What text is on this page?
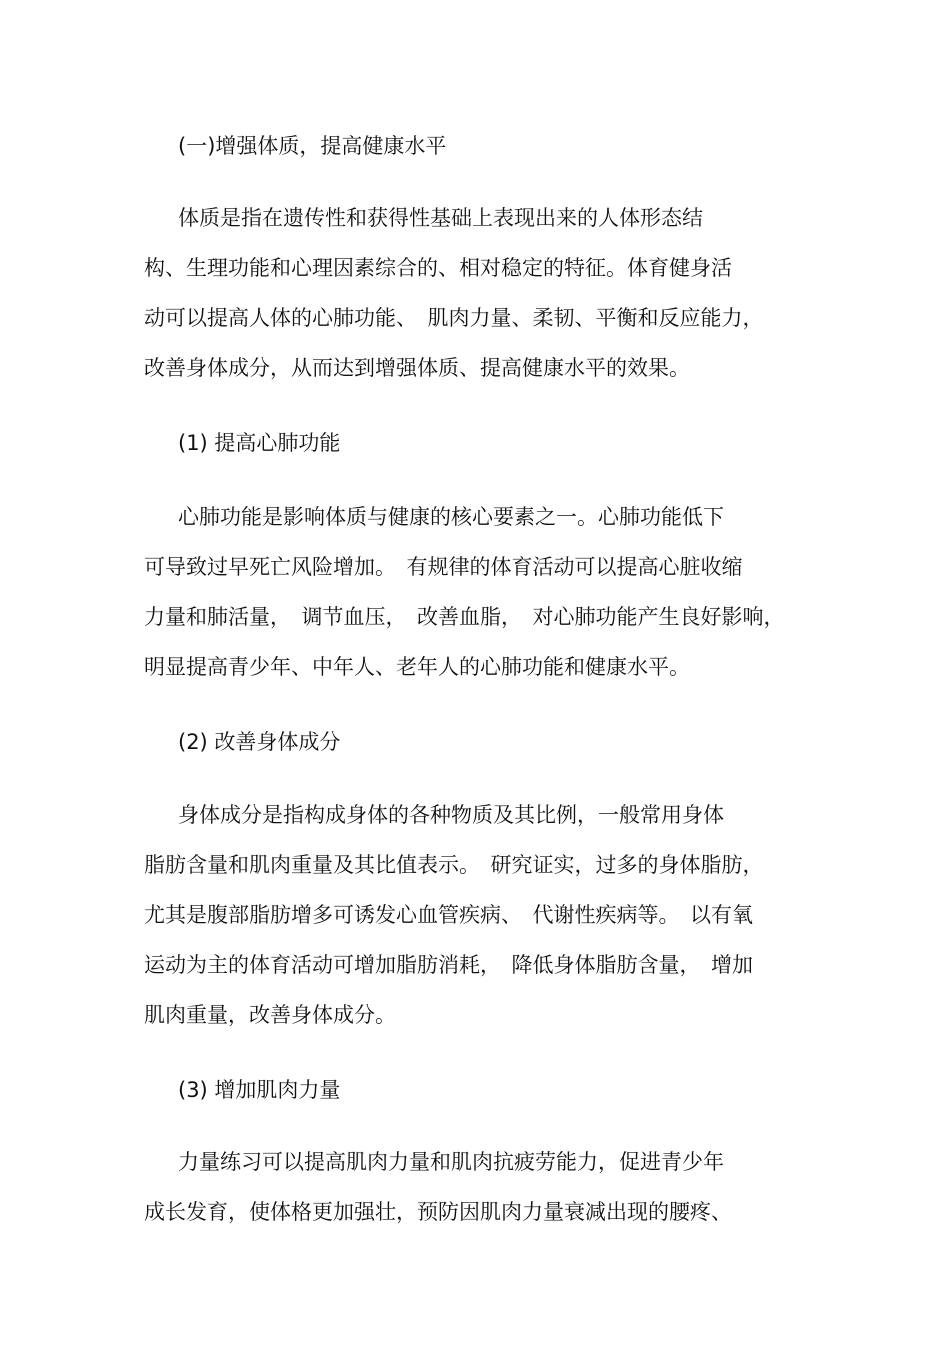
(一)增强体质，提高健康水平
体质是指在遗传性和获得性基础上表现出来的人体形态结
构、生理功能和心理因素综合的、相对稳定的特征。体育健身活
动可以提高人体的心肺功能、　肌肉力量、柔韧、平衡和反应能力，
改善身体成分，从而达到增强体质、提高健康水平的效果。
(1) 提高心肺功能
心肺功能是影响体质与健康的核心要素之一。心肺功能低下
可导致过早死亡风险增加。　有规律的体育活动可以提高心脏收缩
力量和肺活量，　调节血压，　改善血脂，　对心肺功能产生良好影响，
明显提高青少年、中年人、老年人的心肺功能和健康水平。
(2) 改善身体成分
身体成分是指构成身体的各种物质及其比例，一般常用身体
脂肪含量和肌肉重量及其比值表示。　研究证实，过多的身体脂肪，
尤其是腹部脂肪增多可诱发心血管疾病、　代谢性疾病等。　以有氧
运动为主的体育活动可增加脂肪消耗，　降低身体脂肪含量，　增加
肌肉重量，改善身体成分。
(3) 增加肌肉力量
力量练习可以提高肌肉力量和肌肉抗疲劳能力，促进青少年
成长发育，使体格更加强壮，预防因肌肉力量衰减出现的腰疼、
